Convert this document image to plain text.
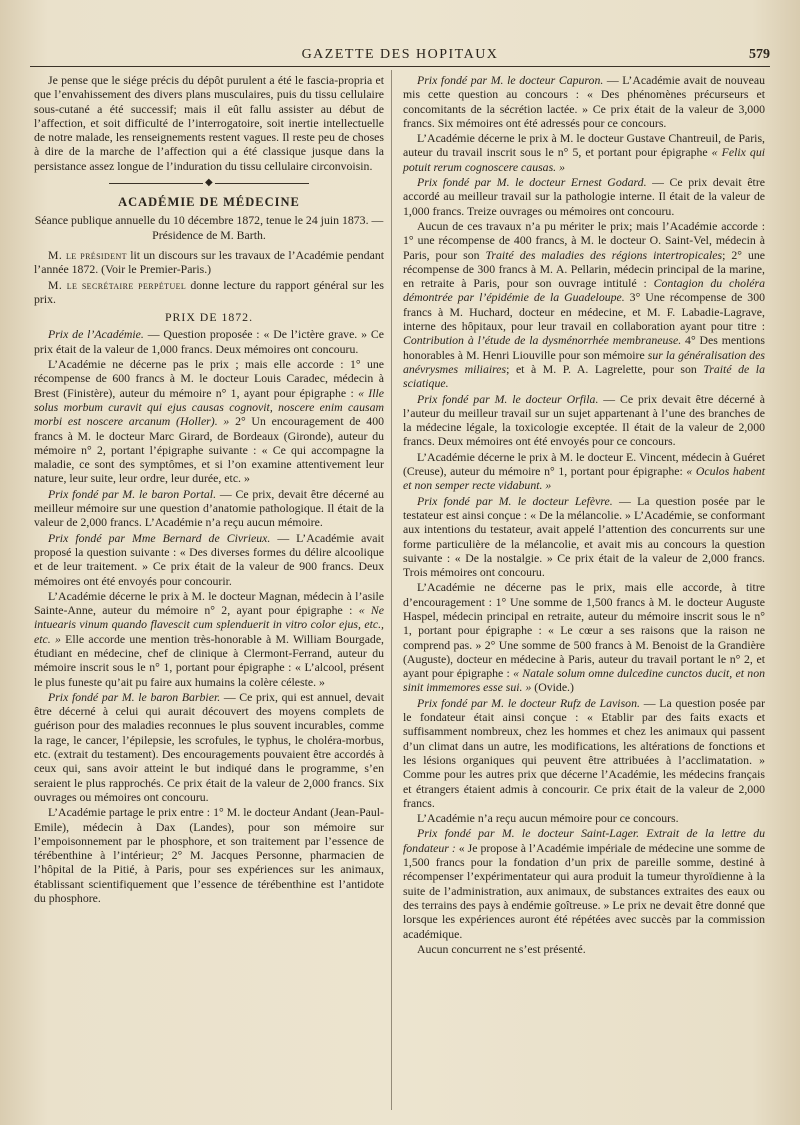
GAZETTE DES HOPITAUX	579

Je pense que le siége précis du dépôt purulent a été le fascia-propria et que l’envahissement des divers plans musculaires, puis du tissu cellulaire sous-cutané a été successif; mais il eût fallu assister au début de l’affection, et soit difficulté de l’interrogatoire, soit inertie intellectuelle de notre malade, les renseignements restent vagues. Il reste peu de choses à dire de la marche de l’affection qui a été classique jusque dans la persistance assez longue de l’induration du tissu cellulaire circonvoisin.

◆
ACADÉMIE DE MÉDECINE

Séance publique annuelle du 10 décembre 1872, tenue le 24 juin 1873. — Présidence de M. Barth.

M. le président lit un discours sur les travaux de l’Académie pendant l’année 1872. (Voir le Premier-Paris.)

M. le secrétaire perpétuel donne lecture du rapport général sur les prix.

PRIX DE 1872.

Prix de l’Académie. — Question proposée : « De l’ictère grave. » Ce prix était de la valeur de 1,000 francs. Deux mémoires ont concouru.

L’Académie ne décerne pas le prix ; mais elle accorde : 1° une récompense de 600 francs à M. le docteur Louis Caradec, médecin à Brest (Finistère), auteur du mémoire n° 1, ayant pour épigraphe : « Ille solus morbum curavit qui ejus causas cognovit, noscere enim causam morbi est noscere arcanum (Holler). » 2° Un encouragement de 400 francs à M. le docteur Marc Girard, de Bordeaux (Gironde), auteur du mémoire n° 2, portant l’épigraphe suivante : « Ce qui accompagne la maladie, ce sont des symptômes, et si l’on examine attentivement leur nature, leur suite, leur ordre, leur durée, etc. »

Prix fondé par M. le baron Portal. — Ce prix, devait être décerné au meilleur mémoire sur une question d’anatomie pathologique. Il était de la valeur de 2,000 francs. L’Académie n’a reçu aucun mémoire.

Prix fondé par Mme Bernard de Civrieux. — L’Académie avait proposé la question suivante : « Des diverses formes du délire alcoolique et de leur traitement. » Ce prix était de la valeur de 900 francs. Deux mémoires ont été envoyés pour concourir.

L’Académie décerne le prix à M. le docteur Magnan, médecin à l’asile Sainte-Anne, auteur du mémoire n° 2, ayant pour épigraphe : « Ne intuearis vinum quando flavescit cum splenduerit in vitro color ejus, etc., etc. » Elle accorde une mention très-honorable à M. William Bourgade, étudiant en médecine, chef de clinique à Clermont-Ferrand, auteur du mémoire inscrit sous le n° 1, portant pour épigraphe : « L’alcool, présent le plus funeste qu’ait pu faire aux humains la colère céleste. »

Prix fondé par M. le baron Barbier. — Ce prix, qui est annuel, devait être décerné à celui qui aurait découvert des moyens complets de guérison pour des maladies reconnues le plus souvent incurables, comme la rage, le cancer, l’épilepsie, les scrofules, le typhus, le choléra-morbus, etc. (extrait du testament). Des encouragements pouvaient être accordés à ceux qui, sans avoir atteint le but indiqué dans le programme, s’en seraient le plus rapprochés. Ce prix était de la valeur de 2,000 francs. Six ouvrages ou mémoires ont concouru.

L’Académie partage le prix entre : 1° M. le docteur Andant (Jean-Paul-Emile), médecin à Dax (Landes), pour son mémoire sur l’empoisonnement par le phosphore, et son traitement par l’essence de térébenthine à l’intérieur; 2° M. Jacques Personne, pharmacien de l’hôpital de la Pitié, à Paris, pour ses expériences sur les animaux, établissant scientifiquement que l’essence de térébenthine est l’antidote du phosphore.

Prix fondé par M. le docteur Capuron. — L’Académie avait de nouveau mis cette question au concours : « Des phénomènes précurseurs et concomitants de la sécrétion lactée. » Ce prix était de la valeur de 3,000 francs. Six mémoires ont été adressés pour ce concours.

L’Académie décerne le prix à M. le docteur Gustave Chantreuil, de Paris, auteur du travail inscrit sous le n° 5, et portant pour épigraphe « Felix qui potuit rerum cognoscere causas. »

Prix fondé par M. le docteur Ernest Godard. — Ce prix devait être accordé au meilleur travail sur la pathologie interne. Il était de la valeur de 1,000 francs. Treize ouvrages ou mémoires ont concouru.

Aucun de ces travaux n’a pu mériter le prix; mais l’Académie accorde : 1° une récompense de 400 francs, à M. le docteur O. Saint-Vel, médecin à Paris, pour son Traité des maladies des régions intertropicales; 2° une récompense de 300 francs à M. A. Pellarin, médecin principal de la marine, en retraite à Paris, pour son ouvrage intitulé : Contagion du choléra démontrée par l’épidémie de la Guadeloupe. 3° Une récompense de 300 francs à M. Huchard, docteur en médecine, et M. F. Labadie-Lagrave, interne des hôpitaux, pour leur travail en collaboration ayant pour titre : Contribution à l’étude de la dysménorrhée membraneuse. 4° Des mentions honorables à M. Henri Liouville pour son mémoire sur la généralisation des anévrysmes miliaires; et à M. P. A. Lagrelette, pour son Traité de la sciatique.

Prix fondé par M. le docteur Orfila. — Ce prix devait être décerné à l’auteur du meilleur travail sur un sujet appartenant à l’une des branches de la médecine légale, la toxicologie exceptée. Il était de la valeur de 2,000 francs. Deux mémoires ont été envoyés pour ce concours.

L’Académie décerne le prix à M. le docteur E. Vincent, médecin à Guéret (Creuse), auteur du mémoire n° 1, portant pour épigraphe: « Oculos habent et non semper recte vidabunt. »

Prix fondé par M. le docteur Lefèvre. — La question posée par le testateur est ainsi conçue : « De la mélancolie. » L’Académie, se conformant aux intentions du testateur, avait appelé l’attention des concurrents sur une forme particulière de la mélancolie, et avait mis au concours la question suivante : « De la nostalgie. » Ce prix était de la valeur de 2,000 francs. Trois mémoires ont concouru.

L’Académie ne décerne pas le prix, mais elle accorde, à titre d’encouragement : 1° Une somme de 1,500 francs à M. le docteur Auguste Haspel, médecin principal en retraite, auteur du mémoire inscrit sous le n° 1, portant pour épigraphe : « Le cœur a ses raisons que la raison ne comprend pas. » 2° Une somme de 500 francs à M. Benoist de la Grandière (Auguste), docteur en médecine à Paris, auteur du travail portant le n° 2, et ayant pour épigraphe : « Natale solum omne dulcedine cunctos ducit, et non sinit immemores esse sui. » (Ovide.)

Prix fondé par M. le docteur Rufz de Lavison. — La question posée par le fondateur était ainsi conçue : « Etablir par des faits exacts et suffisamment nombreux, chez les hommes et chez les animaux qui passent d’un climat dans un autre, les modifications, les altérations de fonctions et les lésions organiques qui peuvent être attribuées à l’acclimatation. » Comme pour les autres prix que décerne l’Académie, les médecins français et étrangers étaient admis à concourir. Ce prix était de la valeur de 2,000 francs.

L’Académie n’a reçu aucun mémoire pour ce concours.

Prix fondé par M. le docteur Saint-Lager. Extrait de la lettre du fondateur : « Je propose à l’Académie impériale de médecine une somme de 1,500 francs pour la fondation d’un prix de pareille somme, destiné à récompenser l’expérimentateur qui aura produit la tumeur thyroïdienne à la suite de l’administration, aux animaux, de substances extraites des eaux ou des terrains des pays à endémie goîtreuse. » Le prix ne devait être donné que lorsque les expériences auront été répétées avec succès par la commission académique.

Aucun concurrent ne s’est présenté.
